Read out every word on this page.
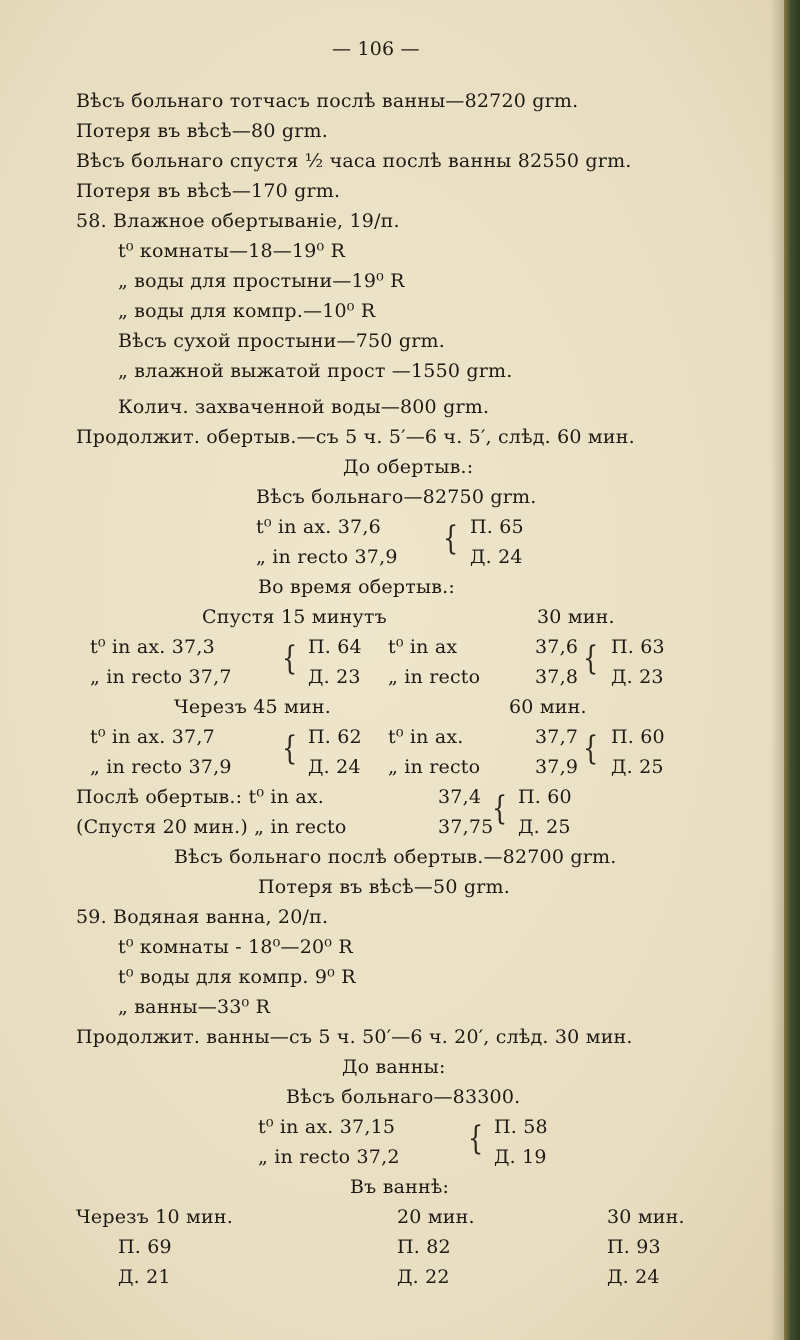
— 106 —
Вѣсъ больнаго тотчасъ послѣ ванны—82720 grm.
Потеря въ вѣсѣ—80 grm.
Вѣсъ больнаго спустя ½ часа послѣ ванны 82550 grm.
Потеря въ вѣсѣ—170 grm.
58. Влажное обертываніе, 19/п.
t⁰ комнаты—18—19⁰ R
„ воды для простыни—19⁰ R
„ воды для компр.—10⁰ R
Вѣсъ сухой простыни—750 grm.
„ влажной выжатой прост —1550 grm.
Колич. захваченной воды—800 grm.
Продолжит. обертыв.—съ 5 ч. 5′—6 ч. 5′, слѣд. 60 мин.
До обертыв.:
Вѣсъ больнаго—82750 grm.
t⁰ in ax. 37,6	{ П. 65
„ in recto 37,9	Д. 24
Во время обертыв.:
Спустя 15 минутъ	30 мин.
t⁰ in ax. 37,3	{ П. 64 t⁰ in ax	37,6 { П. 63
„ in recto 37,7	Д. 23 „ in recto	37,8 Д. 23
Черезъ 45 мин.	60 мин.
t⁰ in ax. 37,7	{ П. 62 t⁰ in ax.	37,7 { П. 60
„ in recto 37,9	Д. 24 „ in recto	37,9 Д. 25
Послѣ обертыв.: t⁰ in ax.	37,4 { П. 60
(Спустя 20 мин.) „ in recto	37,75 Д. 25
Вѣсъ больнаго послѣ обертыв.—82700 grm.
Потеря въ вѣсѣ—50 grm.
59. Водяная ванна, 20/п.
t⁰ комнаты - 18⁰—20⁰ R
t⁰ воды для компр. 9⁰ R
„ ванны—33⁰ R
Продолжит. ванны—съ 5 ч. 50′—6 ч. 20′, слѣд. 30 мин.
До ванны:
Вѣсъ больнаго—83300.
t⁰ in ax. 37,15	{ П. 58
„ in recto 37,2	Д. 19
Въ ваннѣ:
Черезъ 10 мин.	20 мин.	30 мин.
П. 69	П. 82	П. 93
Д. 21	Д. 22	Д. 24
